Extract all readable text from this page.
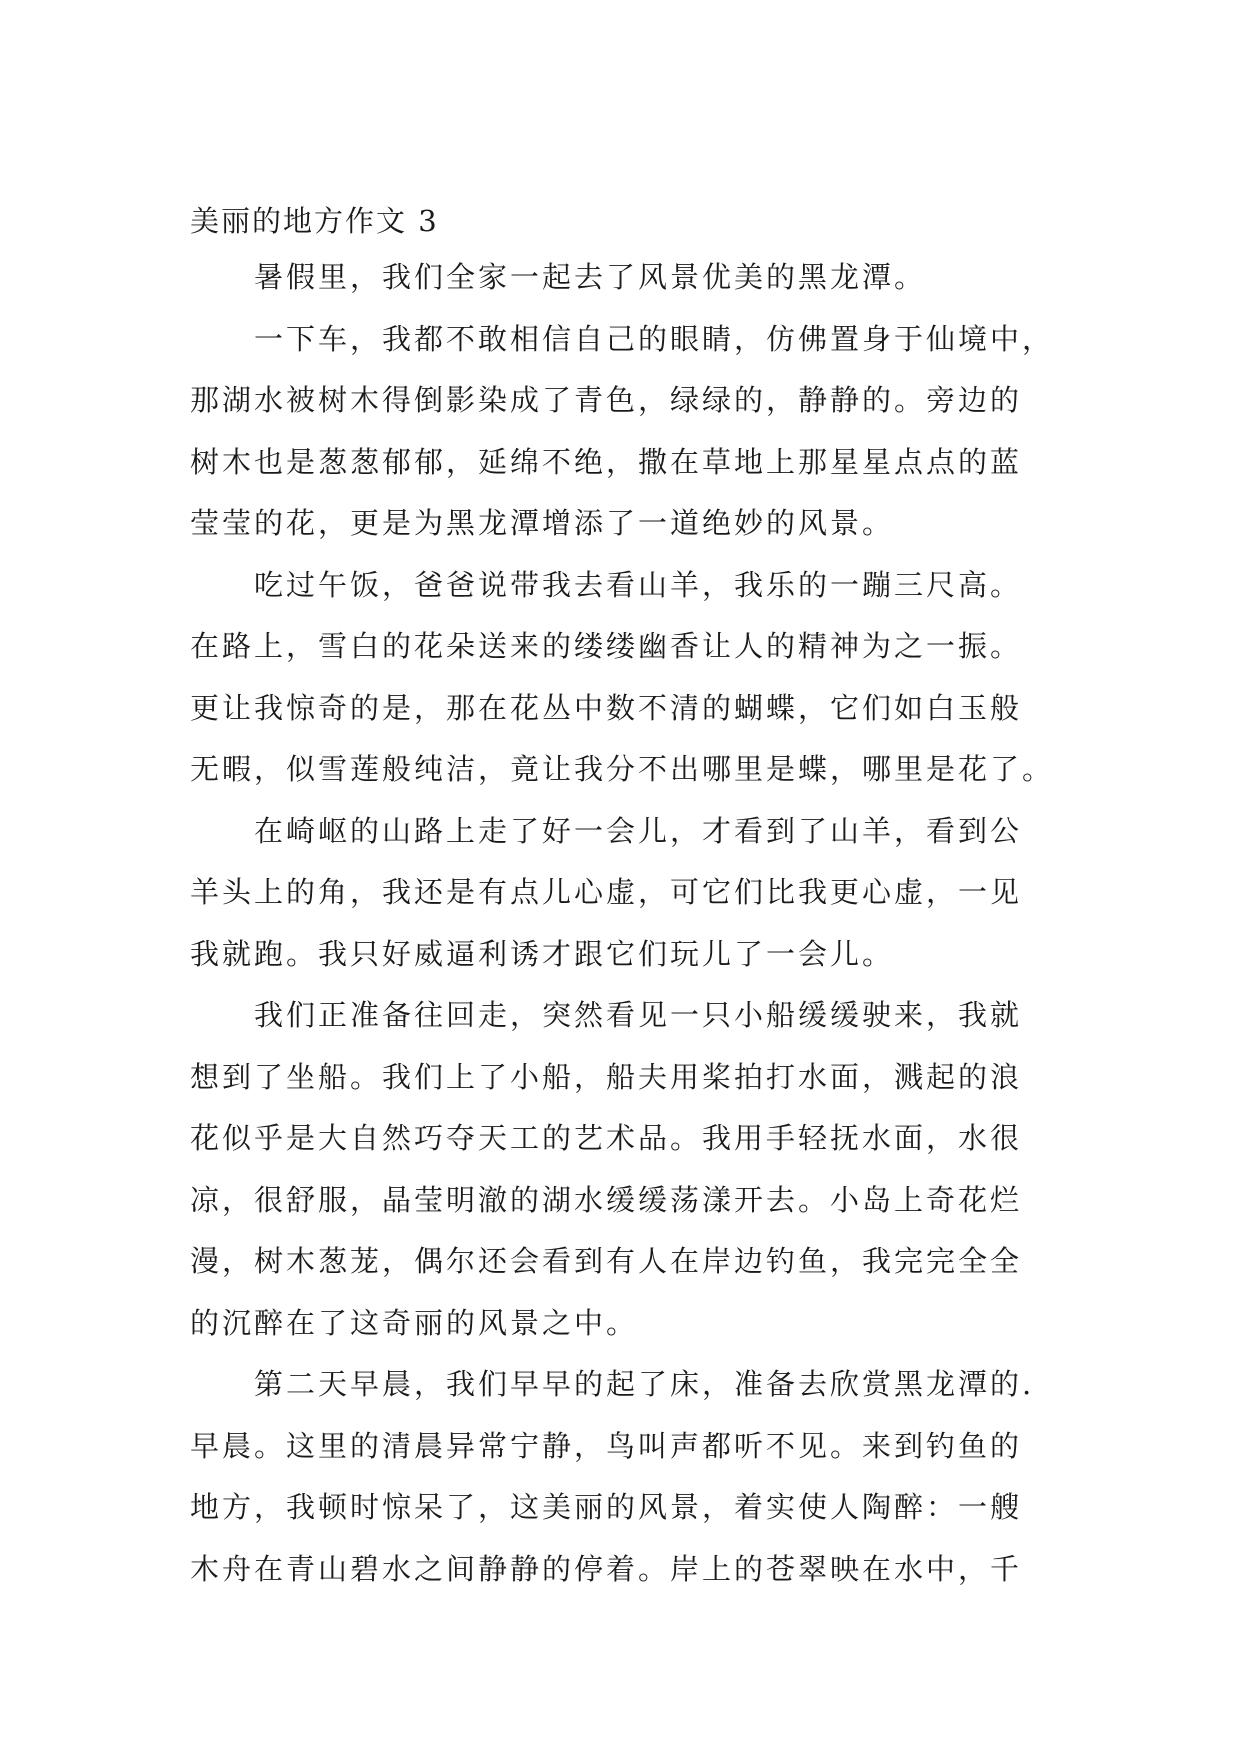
美丽的地方作文 3
　　暑假里，我们全家一起去了风景优美的黑龙潭。
　　一下车，我都不敢相信自己的眼睛，仿佛置身于仙境中，
那湖水被树木得倒影染成了青色，绿绿的，静静的。旁边的
树木也是葱葱郁郁，延绵不绝，撒在草地上那星星点点的蓝
莹莹的花，更是为黑龙潭增添了一道绝妙的风景。
　　吃过午饭，爸爸说带我去看山羊，我乐的一蹦三尺高。
在路上，雪白的花朵送来的缕缕幽香让人的精神为之一振。
更让我惊奇的是，那在花丛中数不清的蝴蝶，它们如白玉般
无暇，似雪莲般纯洁，竟让我分不出哪里是蝶，哪里是花了。
　　在崎岖的山路上走了好一会儿，才看到了山羊，看到公
羊头上的角，我还是有点儿心虚，可它们比我更心虚，一见
我就跑。我只好威逼利诱才跟它们玩儿了一会儿。
　　我们正准备往回走，突然看见一只小船缓缓驶来，我就
想到了坐船。我们上了小船，船夫用桨拍打水面，溅起的浪
花似乎是大自然巧夺天工的艺术品。我用手轻抚水面，水很
凉，很舒服，晶莹明澈的湖水缓缓荡漾开去。小岛上奇花烂
漫，树木葱茏，偶尔还会看到有人在岸边钓鱼，我完完全全
的沉醉在了这奇丽的风景之中。
　　第二天早晨，我们早早的起了床，准备去欣赏黑龙潭的.
早晨。这里的清晨异常宁静，鸟叫声都听不见。来到钓鱼的
地方，我顿时惊呆了，这美丽的风景，着实使人陶醉：一艘
木舟在青山碧水之间静静的停着。岸上的苍翠映在水中，千
